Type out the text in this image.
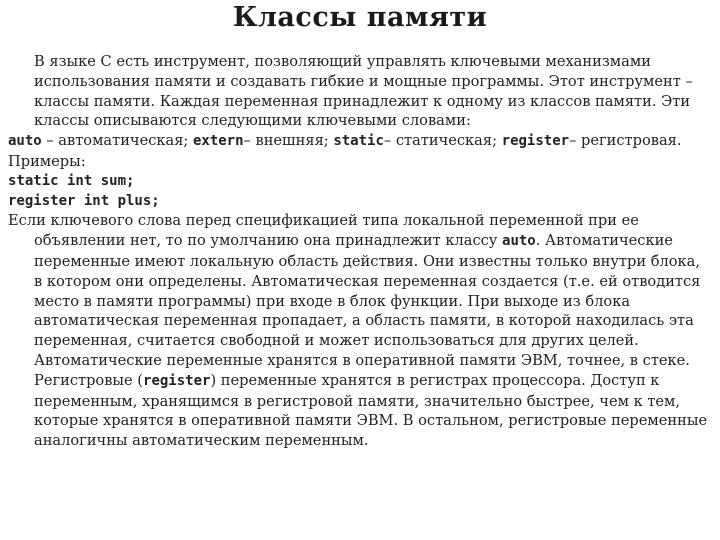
Классы памяти

В языке С есть инструмент, позволяющий управлять ключевыми механизмами использования памяти и создавать гибкие и мощные программы. Этот инструмент – классы памяти. Каждая переменная принадлежит к одному из классов памяти. Эти классы описываются следующими ключевыми словами:

auto – автоматическая; extern– внешняя; static– статическая; register– регистровая.

Примеры:

static int sum;

register int plus;

Если ключевого слова перед спецификацией типа локальной переменной при ее объявлении нет, то по умолчанию она принадлежит классу auto. Автоматические переменные имеют локальную область действия. Они известны только внутри блока, в котором они определены. Автоматическая переменная создается (т.е. ей отводится место в памяти программы) при входе в блок функции. При выходе из блока автоматическая переменная пропадает, а область памяти, в которой находилась эта переменная, считается свободной и может использоваться для других целей. Автоматические переменные хранятся в оперативной памяти ЭВМ, точнее, в стеке. Регистровые (register) переменные хранятся в регистрах процессора. Доступ к переменным, хранящимся в регистровой памяти, значительно быстрее, чем к тем, которые хранятся в оперативной памяти ЭВМ. В остальном, регистровые переменные аналогичны автоматическим переменным.
